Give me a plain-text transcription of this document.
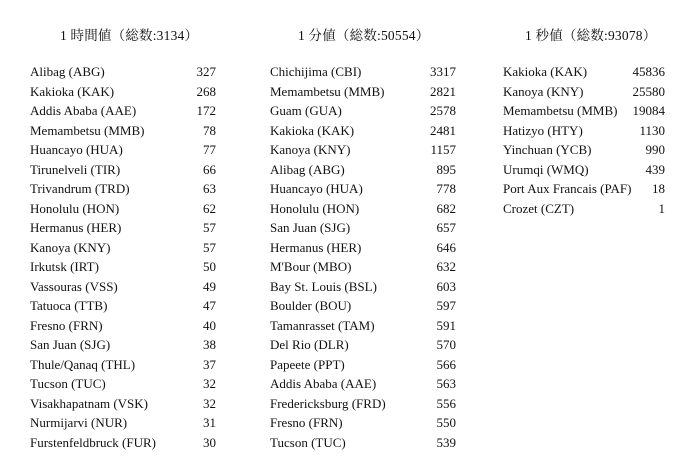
1 時間値（総数:3134）
Alibag (ABG)	327
Kakioka (KAK)	268
Addis Ababa (AAE)	172
Memambetsu (MMB)	78
Huancayo (HUA)	77
Tirunelveli (TIR)	66
Trivandrum (TRD)	63
Honolulu (HON)	62
Hermanus (HER)	57
Kanoya (KNY)	57
Irkutsk (IRT)	50
Vassouras (VSS)	49
Tatuoca (TTB)	47
Fresno (FRN)	40
San Juan (SJG)	38
Thule/Qanaq (THL)	37
Tucson (TUC)	32
Visakhapatnam (VSK)	32
Nurmijarvi (NUR)	31
Furstenfeldbruck (FUR)	30
1 分値（総数:50554）
Chichijima (CBI)	3317
Memambetsu (MMB)	2821
Guam (GUA)	2578
Kakioka (KAK)	2481
Kanoya (KNY)	1157
Alibag (ABG)	895
Huancayo (HUA)	778
Honolulu (HON)	682
San Juan (SJG)	657
Hermanus (HER)	646
M'Bour (MBO)	632
Bay St. Louis (BSL)	603
Boulder (BOU)	597
Tamanrasset (TAM)	591
Del Rio (DLR)	570
Papeete (PPT)	566
Addis Ababa (AAE)	563
Fredericksburg (FRD)	556
Fresno (FRN)	550
Tucson (TUC)	539
1 秒値（総数:93078）
Kakioka (KAK)	45836
Kanoya (KNY)	25580
Memambetsu (MMB) 19084
Hatizyo (HTY)	1130
Yinchuan (YCB)	990
Urumqi (WMQ)	439
Port Aux Francais (PAF) 18
Crozet (CZT)	1
